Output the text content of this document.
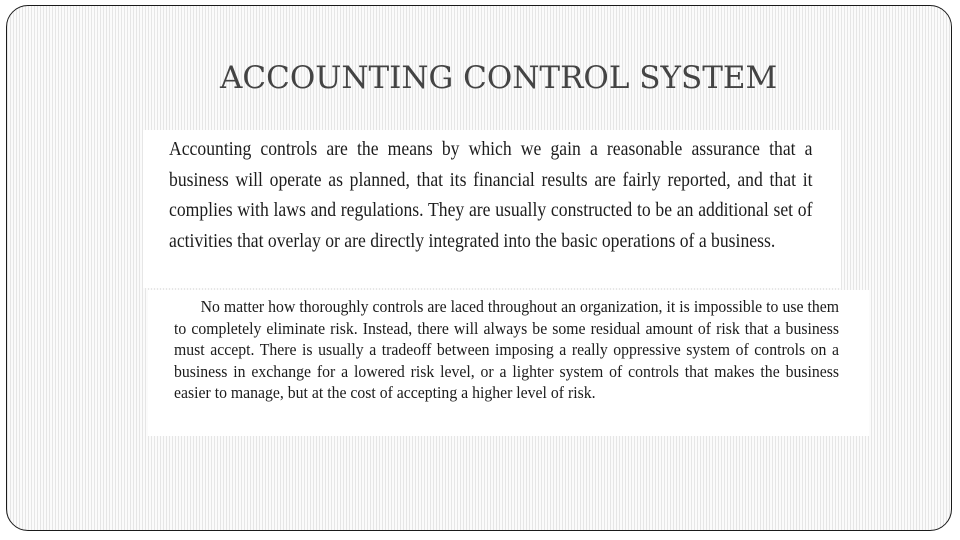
ACCOUNTING CONTROL SYSTEM

Accounting controls are the means by which we gain a reasonable assurance that a business will operate as planned, that its financial results are fairly reported, and that it complies with laws and regulations. They are usually constructed to be an additional set of activities that overlay or are directly integrated into the basic operations of a business.

No matter how thoroughly controls are laced throughout an organization, it is impossible to use them to completely eliminate risk. Instead, there will always be some residual amount of risk that a business must accept. There is usually a tradeoff between imposing a really oppressive system of controls on a business in exchange for a lowered risk level, or a lighter system of controls that makes the business easier to manage, but at the cost of accepting a higher level of risk.
